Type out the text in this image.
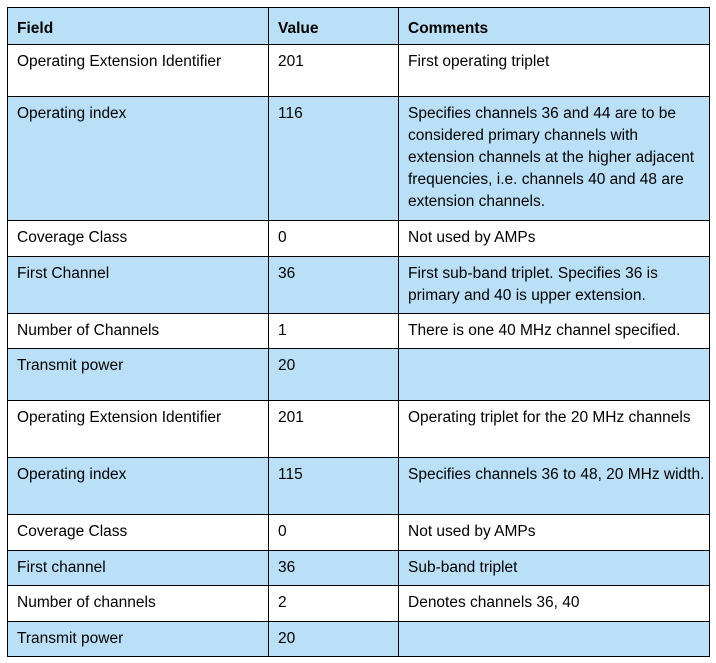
Field	Value	Comments
Operating Extension Identifier	201	First operating triplet
Operating index	116	Specifies channels 36 and 44 are to be considered primary channels with extension channels at the higher adjacent frequencies, i.e. channels 40 and 48 are extension channels.
Coverage Class	0	Not used by AMPs
First Channel	36	First sub-band triplet. Specifies 36 is primary and 40 is upper extension.
Number of Channels	1	There is one 40 MHz channel specified.
Transmit power	20	
Operating Extension Identifier	201	Operating triplet for the 20 MHz channels
Operating index	115	Specifies channels 36 to 48, 20 MHz width.
Coverage Class	0	Not used by AMPs
First channel	36	Sub-band triplet
Number of channels	2	Denotes channels 36, 40
Transmit power	20	
